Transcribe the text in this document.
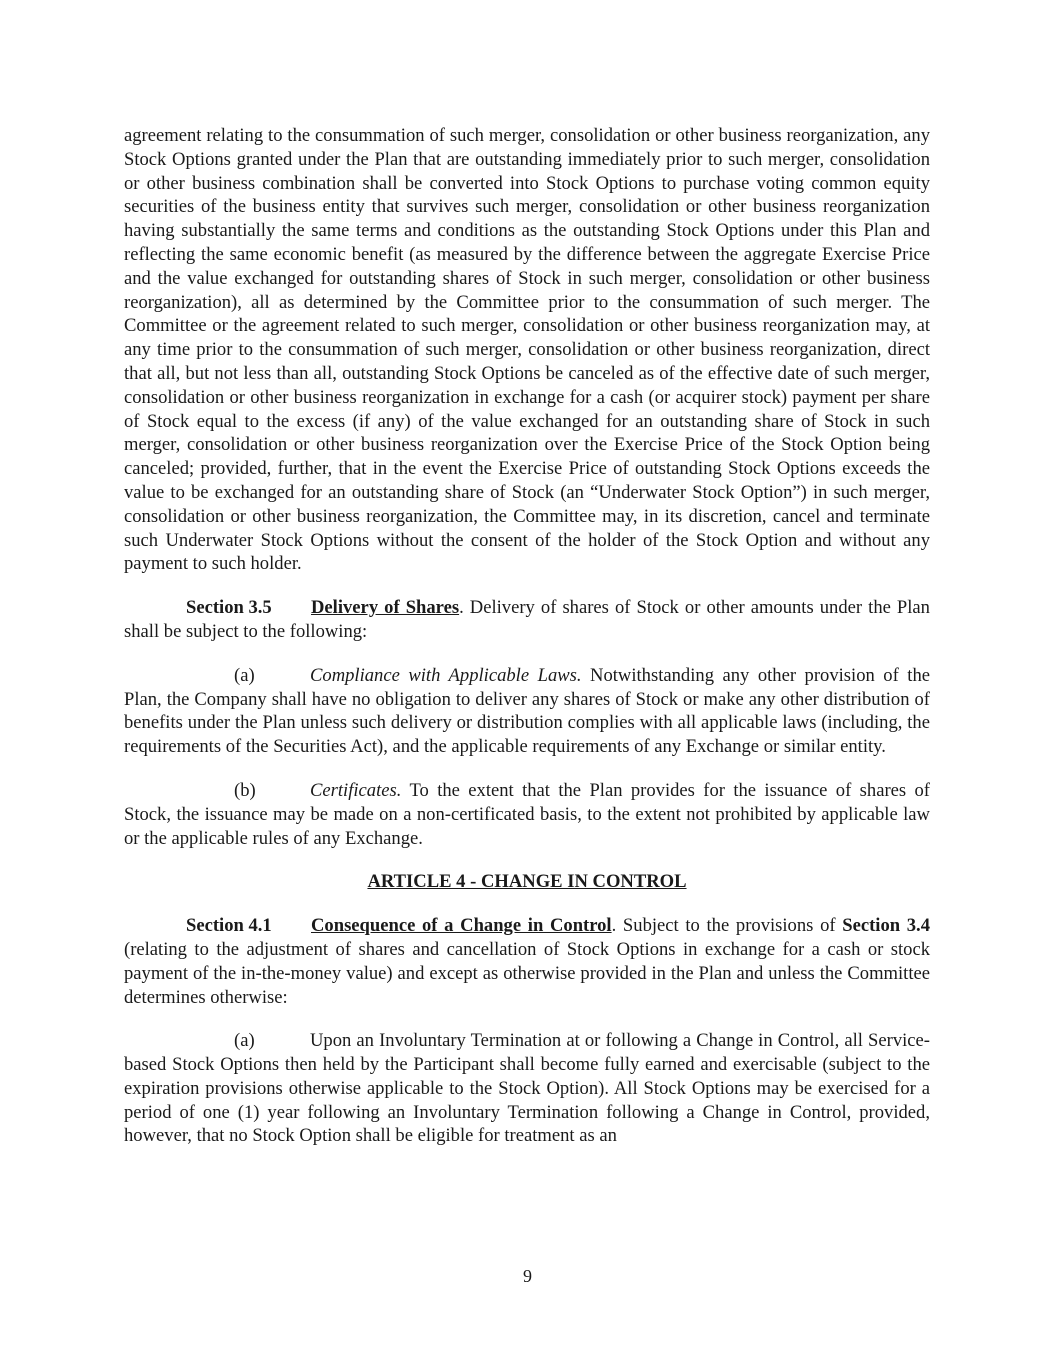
agreement relating to the consummation of such merger, consolidation or other business reorganization, any Stock Options granted under the Plan that are outstanding immediately prior to such merger, consolidation or other business combination shall be converted into Stock Options to purchase voting common equity securities of the business entity that survives such merger, consolidation or other business reorganization having substantially the same terms and conditions as the outstanding Stock Options under this Plan and reflecting the same economic benefit (as measured by the difference between the aggregate Exercise Price and the value exchanged for outstanding shares of Stock in such merger, consolidation or other business reorganization), all as determined by the Committee prior to the consummation of such merger. The Committee or the agreement related to such merger, consolidation or other business reorganization may, at any time prior to the consummation of such merger, consolidation or other business reorganization, direct that all, but not less than all, outstanding Stock Options be canceled as of the effective date of such merger, consolidation or other business reorganization in exchange for a cash (or acquirer stock) payment per share of Stock equal to the excess (if any) of the value exchanged for an outstanding share of Stock in such merger, consolidation or other business reorganization over the Exercise Price of the Stock Option being canceled; provided, further, that in the event the Exercise Price of outstanding Stock Options exceeds the value to be exchanged for an outstanding share of Stock (an “Underwater Stock Option”) in such merger, consolidation or other business reorganization, the Committee may, in its discretion, cancel and terminate such Underwater Stock Options without the consent of the holder of the Stock Option and without any payment to such holder.

Section 3.5 Delivery of Shares. Delivery of shares of Stock or other amounts under the Plan shall be subject to the following:

(a)	Compliance with Applicable Laws. Notwithstanding any other provision of the Plan, the Company shall have no obligation to deliver any shares of Stock or make any other distribution of benefits under the Plan unless such delivery or distribution complies with all applicable laws (including, the requirements of the Securities Act), and the applicable requirements of any Exchange or similar entity.

(b)	Certificates. To the extent that the Plan provides for the issuance of shares of Stock, the issuance may be made on a non-certificated basis, to the extent not prohibited by applicable law or the applicable rules of any Exchange.

ARTICLE 4 - CHANGE IN CONTROL

Section 4.1 Consequence of a Change in Control. Subject to the provisions of Section 3.4 (relating to the adjustment of shares and cancellation of Stock Options in exchange for a cash or stock payment of the in-the-money value) and except as otherwise provided in the Plan and unless the Committee determines otherwise:

(a)	Upon an Involuntary Termination at or following a Change in Control, all Service-based Stock Options then held by the Participant shall become fully earned and exercisable (subject to the expiration provisions otherwise applicable to the Stock Option). All Stock Options may be exercised for a period of one (1) year following an Involuntary Termination following a Change in Control, provided, however, that no Stock Option shall be eligible for treatment as an

9
